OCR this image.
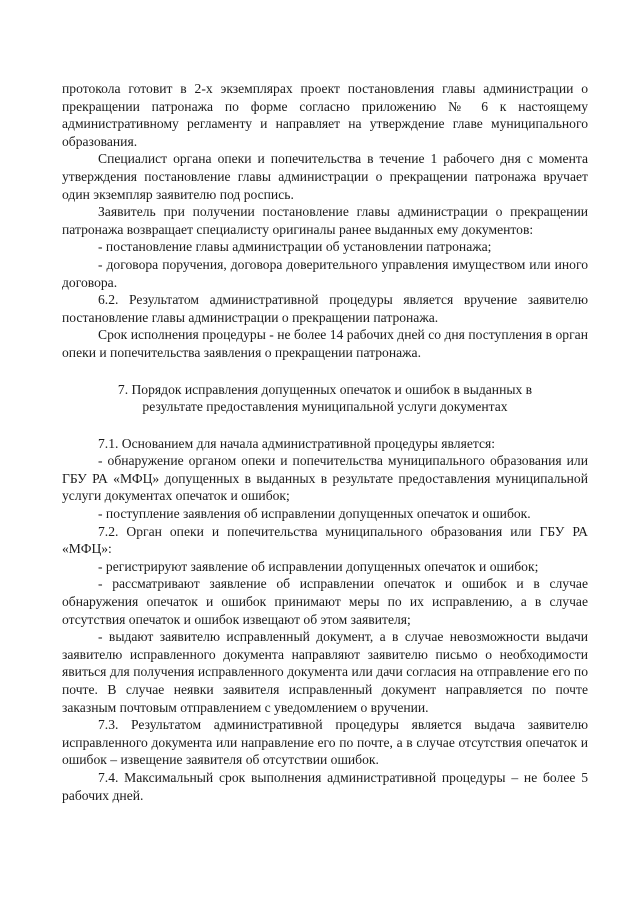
протокола готовит в 2-х экземплярах проект постановления главы администрации о прекращении патронажа по форме согласно приложению № 6 к настоящему административному регламенту и направляет на утверждение главе муниципального образования.

Специалист органа опеки и попечительства в течение 1 рабочего дня с момента утверждения постановление главы администрации о прекращении патронажа вручает один экземпляр заявителю под роспись.

Заявитель при получении постановление главы администрации о прекращении патронажа возвращает специалисту оригиналы ранее выданных ему документов:

- постановление главы администрации об установлении патронажа;

- договора поручения, договора доверительного управления имуществом или иного договора.

6.2. Результатом административной процедуры является вручение заявителю постановление главы администрации о прекращении патронажа.

Срок исполнения процедуры - не более 14 рабочих дней со дня поступления в орган опеки и попечительства заявления о прекращении патронажа.

7. Порядок исправления допущенных опечаток и ошибок в выданных в результате предоставления муниципальной услуги документах

7.1. Основанием для начала административной процедуры является:

- обнаружение органом опеки и попечительства муниципального образования или ГБУ РА «МФЦ» допущенных в выданных в результате предоставления муниципальной услуги документах опечаток и ошибок;

- поступление заявления об исправлении допущенных опечаток и ошибок.

7.2. Орган опеки и попечительства муниципального образования или ГБУ РА «МФЦ»:

- регистрируют заявление об исправлении допущенных опечаток и ошибок;

- рассматривают заявление об исправлении опечаток и ошибок и в случае обнаружения опечаток и ошибок принимают меры по их исправлению, а в случае отсутствия опечаток и ошибок извещают об этом заявителя;

- выдают заявителю исправленный документ, а в случае невозможности выдачи заявителю исправленного документа направляют заявителю письмо о необходимости явиться для получения исправленного документа или дачи согласия на отправление его по почте. В случае неявки заявителя исправленный документ направляется по почте заказным почтовым отправлением с уведомлением о вручении.

7.3. Результатом административной процедуры является выдача заявителю исправленного документа или направление его по почте, а в случае отсутствия опечаток и ошибок – извещение заявителя об отсутствии ошибок.

7.4. Максимальный срок выполнения административной процедуры – не более 5 рабочих дней.
